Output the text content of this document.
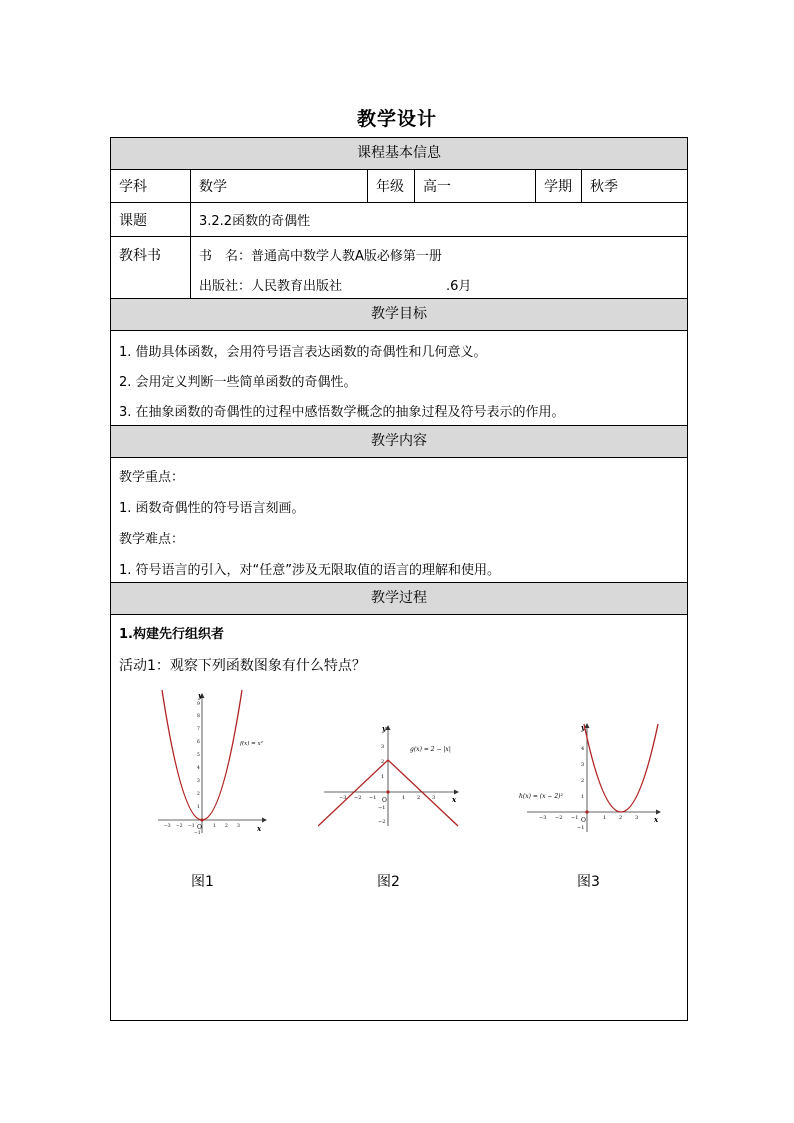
教学设计
课程基本信息
学科	数学	年级	高一	学期	秋季
课题	3.2.2函数的奇偶性
教科书	书　名：普通高中数学人教A版必修第一册
出版社：人民教育出版社　　　　　　　　.6月
教学目标
1. 借助具体函数，会用符号语言表达函数的奇偶性和几何意义。
2. 会用定义判断一些简单函数的奇偶性。
3. 在抽象函数的奇偶性的过程中感悟数学概念的抽象过程及符号表示的作用。
教学内容
教学重点：
1. 函数奇偶性的符号语言刻画。
教学难点：
1. 符号语言的引入，对“任意”涉及无限取值的语言的理解和使用。
教学过程
1.构建先行组织者
活动1：观察下列函数图象有什么特点？
x
y
O
−3 −2 −1	1 2 3
1
2
3
4
5
6
7
8
9
−1
f(x) = x²
图1
x
y
O
−3 −2 −1	1 2 3
1
2
3
−1
−2
g(x) = 2 − |x|
图2
x
y
O
−3 −2 −1	1	2	3
1
2
3
4
−1
h(x) = (x − 2)²
图3
